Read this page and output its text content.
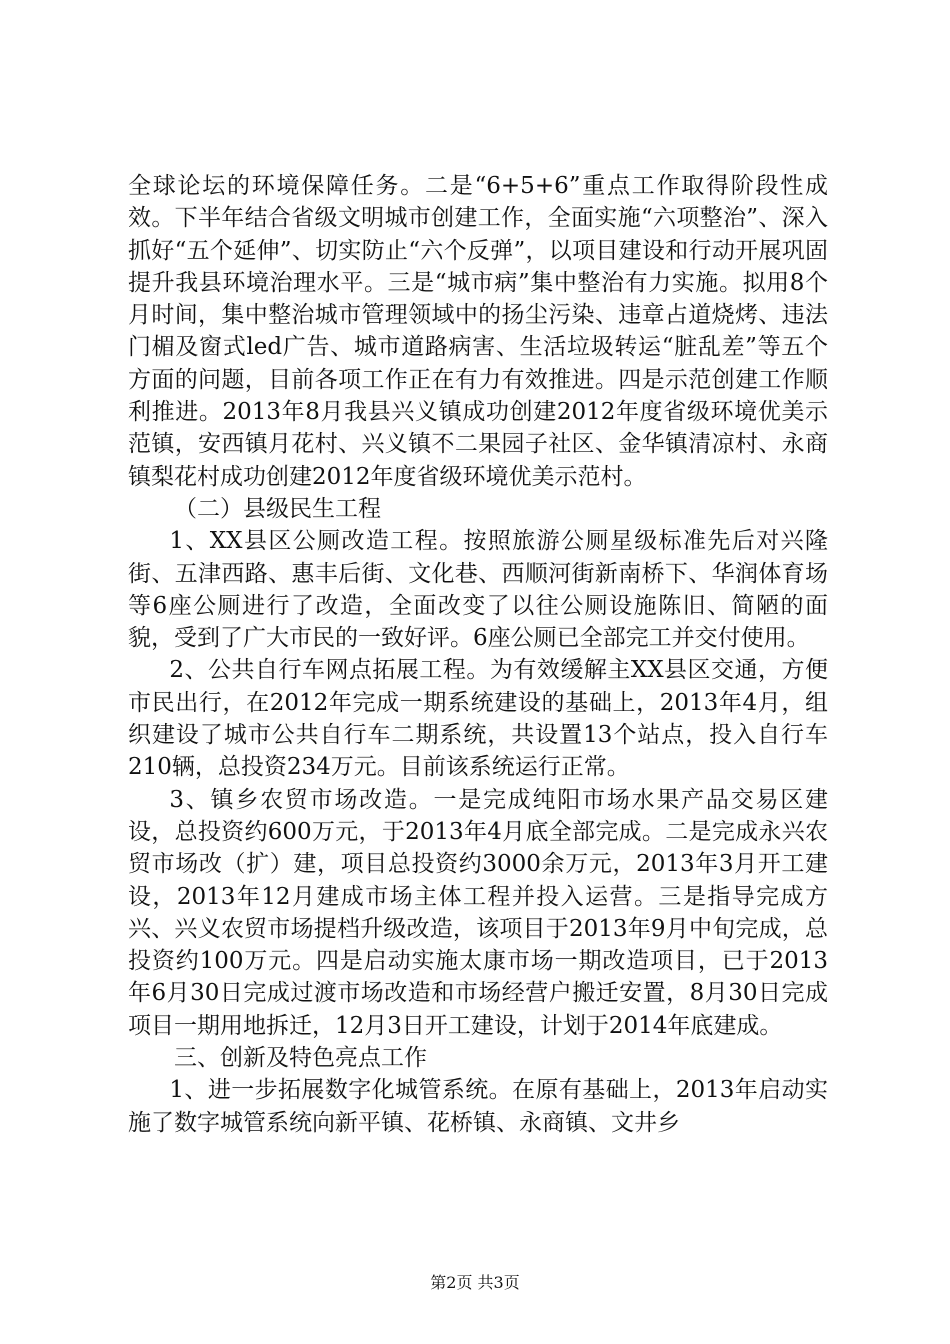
全球论坛的环境保障任务。二是“6+5+6”重点工作取得阶段性成效。下半年结合省级文明城市创建工作，全面实施“六项整治”、深入抓好“五个延伸”、切实防止“六个反弹”，以项目建设和行动开展巩固提升我县环境治理水平。三是“城市病”集中整治有力实施。拟用8个月时间，集中整治城市管理领域中的扬尘污染、违章占道烧烤、违法门楣及窗式led广告、城市道路病害、生活垃圾转运“脏乱差”等五个方面的问题，目前各项工作正在有力有效推进。四是示范创建工作顺利推进。2013年8月我县兴义镇成功创建2012年度省级环境优美示范镇，安西镇月花村、兴义镇不二果园子社区、金华镇清凉村、永商镇梨花村成功创建2012年度省级环境优美示范村。

（二）县级民生工程

1、XX县区公厕改造工程。按照旅游公厕星级标准先后对兴隆街、五津西路、惠丰后街、文化巷、西顺河街新南桥下、华润体育场等6座公厕进行了改造，全面改变了以往公厕设施陈旧、简陋的面貌，受到了广大市民的一致好评。6座公厕已全部完工并交付使用。

2、公共自行车网点拓展工程。为有效缓解主XX县区交通，方便市民出行，在2012年完成一期系统建设的基础上，2013年4月，组织建设了城市公共自行车二期系统，共设置13个站点，投入自行车210辆，总投资234万元。目前该系统运行正常。

3、镇乡农贸市场改造。一是完成纯阳市场水果产品交易区建设，总投资约600万元，于2013年4月底全部完成。二是完成永兴农贸市场改（扩）建，项目总投资约3000余万元，2013年3月开工建设，2013年12月建成市场主体工程并投入运营。三是指导完成方兴、兴义农贸市场提档升级改造，该项目于2013年9月中旬完成，总投资约100万元。四是启动实施太康市场一期改造项目，已于2013年6月30日完成过渡市场改造和市场经营户搬迁安置，8月30日完成项目一期用地拆迁，12月3日开工建设，计划于2014年底建成。

三、创新及特色亮点工作

1、进一步拓展数字化城管系统。在原有基础上，2013年启动实施了数字城管系统向新平镇、花桥镇、永商镇、文井乡

第2页 共3页
